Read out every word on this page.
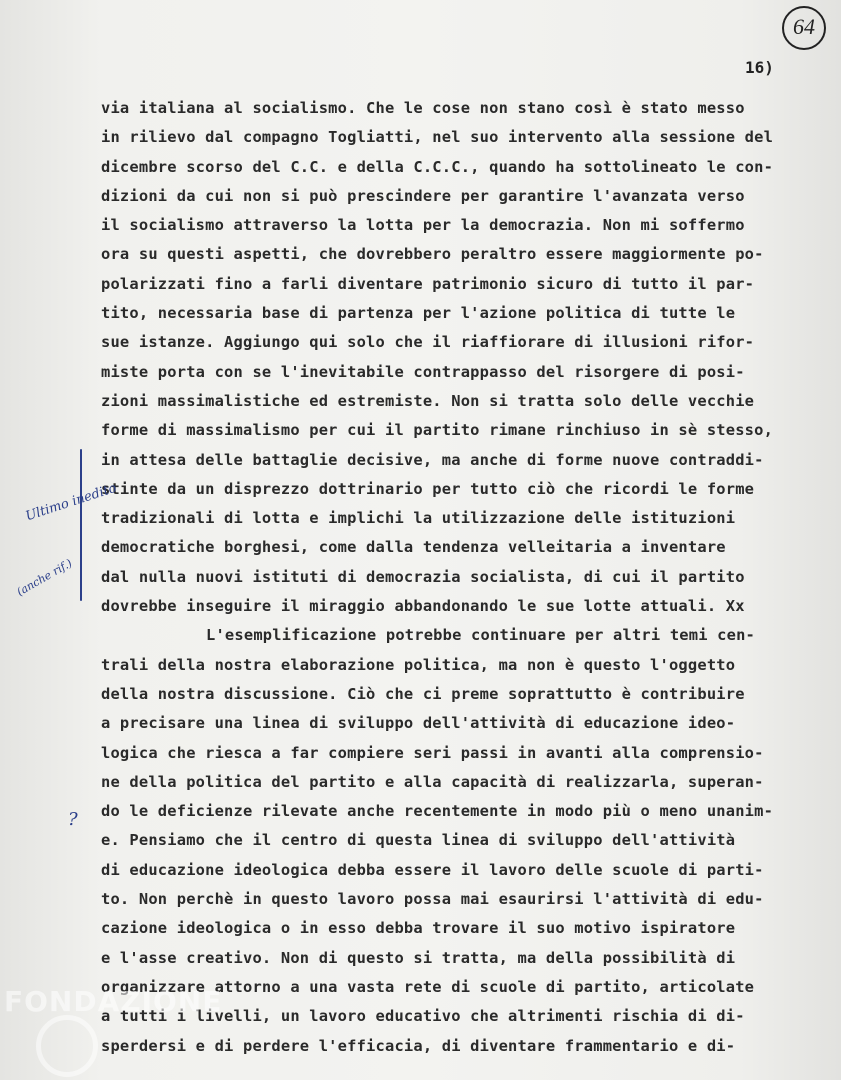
64
16)
via italiana al socialismo. Che le cose non stano così è stato messo
in rilievo dal compagno Togliatti, nel suo intervento alla sessione del
dicembre scorso del C.C. e della C.C.C., quando ha sottolineato le con-
dizioni da cui non si può prescindere per garantire l'avanzata verso
il socialismo attraverso la lotta per la democrazia. Non mi soffermo
ora su questi aspetti, che dovrebbero peraltro essere maggiormente po-
polarizzati fino a farli diventare patrimonio sicuro di tutto il par-
tito, necessaria base di partenza per l'azione politica di tutte le
sue istanze. Aggiungo qui solo che il riaffiorare di illusioni rifor-
miste porta con se l'inevitabile contrappasso del risorgere di posi-
zioni massimalistiche ed estremiste. Non si tratta solo delle vecchie
forme di massimalismo per cui il partito rimane rinchiuso in sè stesso,
in attesa delle battaglie decisive, ma anche di forme nuove contraddi-
stinte da un disprezzo dottrinario per tutto ciò che ricordi le forme
tradizionali di lotta e implichi la utilizzazione delle istituzioni
democratiche borghesi, come dalla tendenza velleitaria a inventare
dal nulla nuovi istituti di democrazia socialista, di cui il partito
dovrebbe inseguire il miraggio abbandonando le sue lotte attuali. Xx
L'esemplificazione potrebbe continuare per altri temi cen-
trali della nostra elaborazione politica, ma non è questo l'oggetto
della nostra discussione. Ciò che ci preme soprattutto è contribuire
a precisare una linea di sviluppo dell'attività di educazione ideo-
logica che riesca a far compiere seri passi in avanti alla comprensio-
ne della politica del partito e alla capacità di realizzarla, superan-
do le deficienze rilevate anche recentemente in modo più o meno unanim-
e. Pensiamo che il centro di questa linea di sviluppo dell'attività
di educazione ideologica debba essere il lavoro delle scuole di parti-
to. Non perchè in questo lavoro possa mai esaurirsi l'attività di edu-
cazione ideologica o in esso debba trovare il suo motivo ispiratore
e l'asse creativo. Non di questo si tratta, ma della possibilità di
organizzare attorno a una vasta rete di scuole di partito, articolate
a tutti i livelli, un lavoro educativo che altrimenti rischia di di-
sperdersi e di perdere l'efficacia, di diventare frammentario e di-
Ultimo inedito
(anche rif.)
?
FONDAZIONE
